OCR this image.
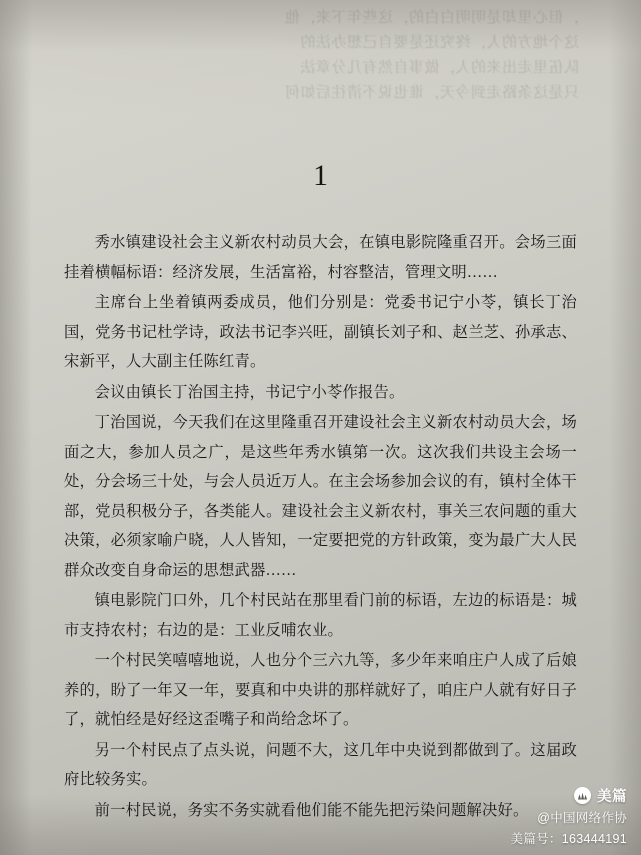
，但心里却是明明白白的，这些年下来，他
这个地方的人，终究还是要自己想办法的
队伍里走出来的人，做事自然有几分章法
只是这条路走到今天，谁也说不清往后如何
1

秀水镇建设社会主义新农村动员大会，在镇电影院隆重召开。会场三面挂着横幅标语：经济发展，生活富裕，村容整洁，管理文明……

主席台上坐着镇两委成员，他们分别是：党委书记宁小苓，镇长丁治国，党务书记杜学诗，政法书记李兴旺，副镇长刘子和、赵兰芝、孙承志、宋新平，人大副主任陈红青。

会议由镇长丁治国主持，书记宁小苓作报告。

丁治国说，今天我们在这里隆重召开建设社会主义新农村动员大会，场面之大，参加人员之广，是这些年秀水镇第一次。这次我们共设主会场一处，分会场三十处，与会人员近万人。在主会场参加会议的有，镇村全体干部，党员积极分子，各类能人。建设社会主义新农村，事关三农问题的重大决策，必须家喻户晓，人人皆知，一定要把党的方针政策，变为最广大人民群众改变自身命运的思想武器……

镇电影院门口外，几个村民站在那里看门前的标语，左边的标语是：城市支持农村；右边的是：工业反哺农业。

一个村民笑嘻嘻地说，人也分个三六九等，多少年来咱庄户人成了后娘养的，盼了一年又一年，要真和中央讲的那样就好了，咱庄户人就有好日子了，就怕经是好经这歪嘴子和尚给念坏了。

另一个村民点了点头说，问题不大，这几年中央说到都做到了。这届政府比较务实。

前一村民说，务实不务实就看他们能不能先把污染问题解决好。

美篇
@中国网络作协
美篇号：163444191
